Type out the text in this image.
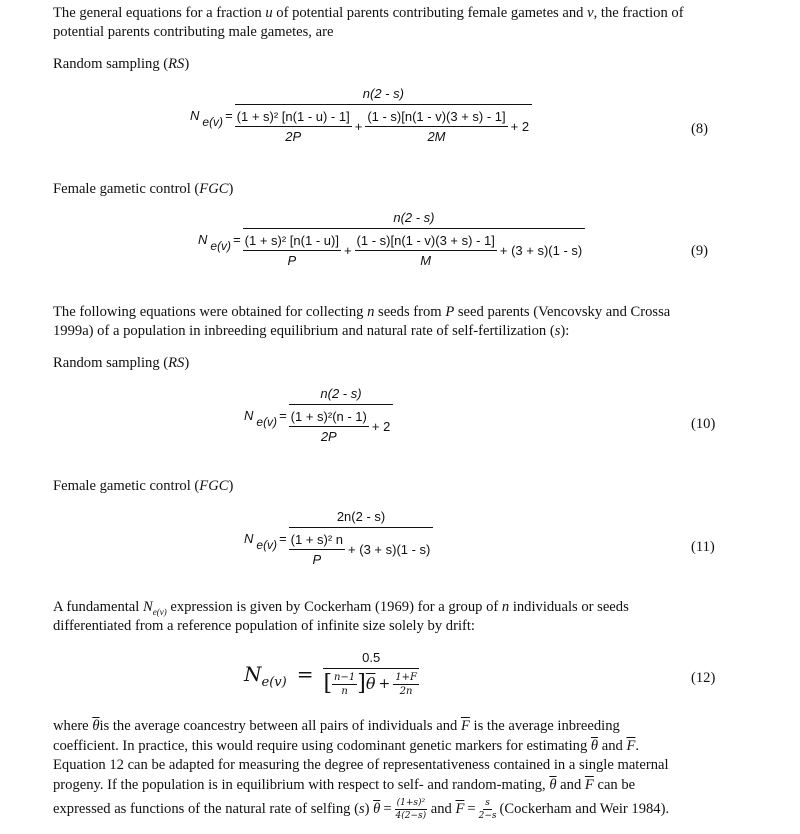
The general equations for a fraction u of potential parents contributing female gametes and v, the fraction of
potential parents contributing male gametes, are
Random sampling (RS)
N e(v) =
n(2 - s)
$\frac{\text{(1 + s)² [n(1 - u) - 1]}}{2P} + \frac{(1 - s)[n(1 - v)(3 + s) - 1]}{2M} + 2$	(8)
Female gametic control (FGC)
N e(v) =
n(2 - s)
$\frac{\text{(1 + s)² [n(1 - u)]}}{P} + \frac{(1 - s)[n(1 - v)(3 + s) - 1]}{M} + (3 + s)(1 - s)$	(9)
The following equations were obtained for collecting n seeds from P seed parents (Vencovsky and Crossa
1999a) of a population in inbreeding equilibrium and natural rate of self-fertilization (s):
Random sampling (RS)
N $e(v) = \frac{n(2 - s)}{\frac{\text{(1 + s)²(n - 1)}}{2P} + 2}$	(10)
Female gametic control (FGC)
N $e(v) = \frac{2n(2 - s)}{\frac{\text{(1 + s)² n}}{P} + (3 + s)(1 - s)}$	(11)
A fundamental $N_{e(v)}$ expression is given by Cockerham (1969) for a group of n individuals or seeds
differentiated from a reference population of infinite size solely by drift:
N e(v) =
0.5
[ $\frac{n-1}{n}$ ] $\overline{\theta} + \frac{1+F}{2n}$	(12)
where $\overline{\theta}is$ the average coancestry between all pairs of individuals and $\overline{F}$ is the average inbreeding
coefficient. In practice, this would require using codominant genetic markers for estimating $\overline{\theta}$ and $\overline{F}$.
Equation 12 can be adapted for measuring the degree of representativeness contained in a single maternal
progeny. If the population is in equilibrium with respect to self- and random-mating, $\overline{\theta}$ and $\overline{F}$ can be
expressed as functions of the natural rate of selfing ( s ) $\overline{\theta} = \frac{\text{(1+s)²}}{4(2-s)}$ and $\overline{F} = \frac{s}{2-s}$ (Cockerham and Weir 1984).
